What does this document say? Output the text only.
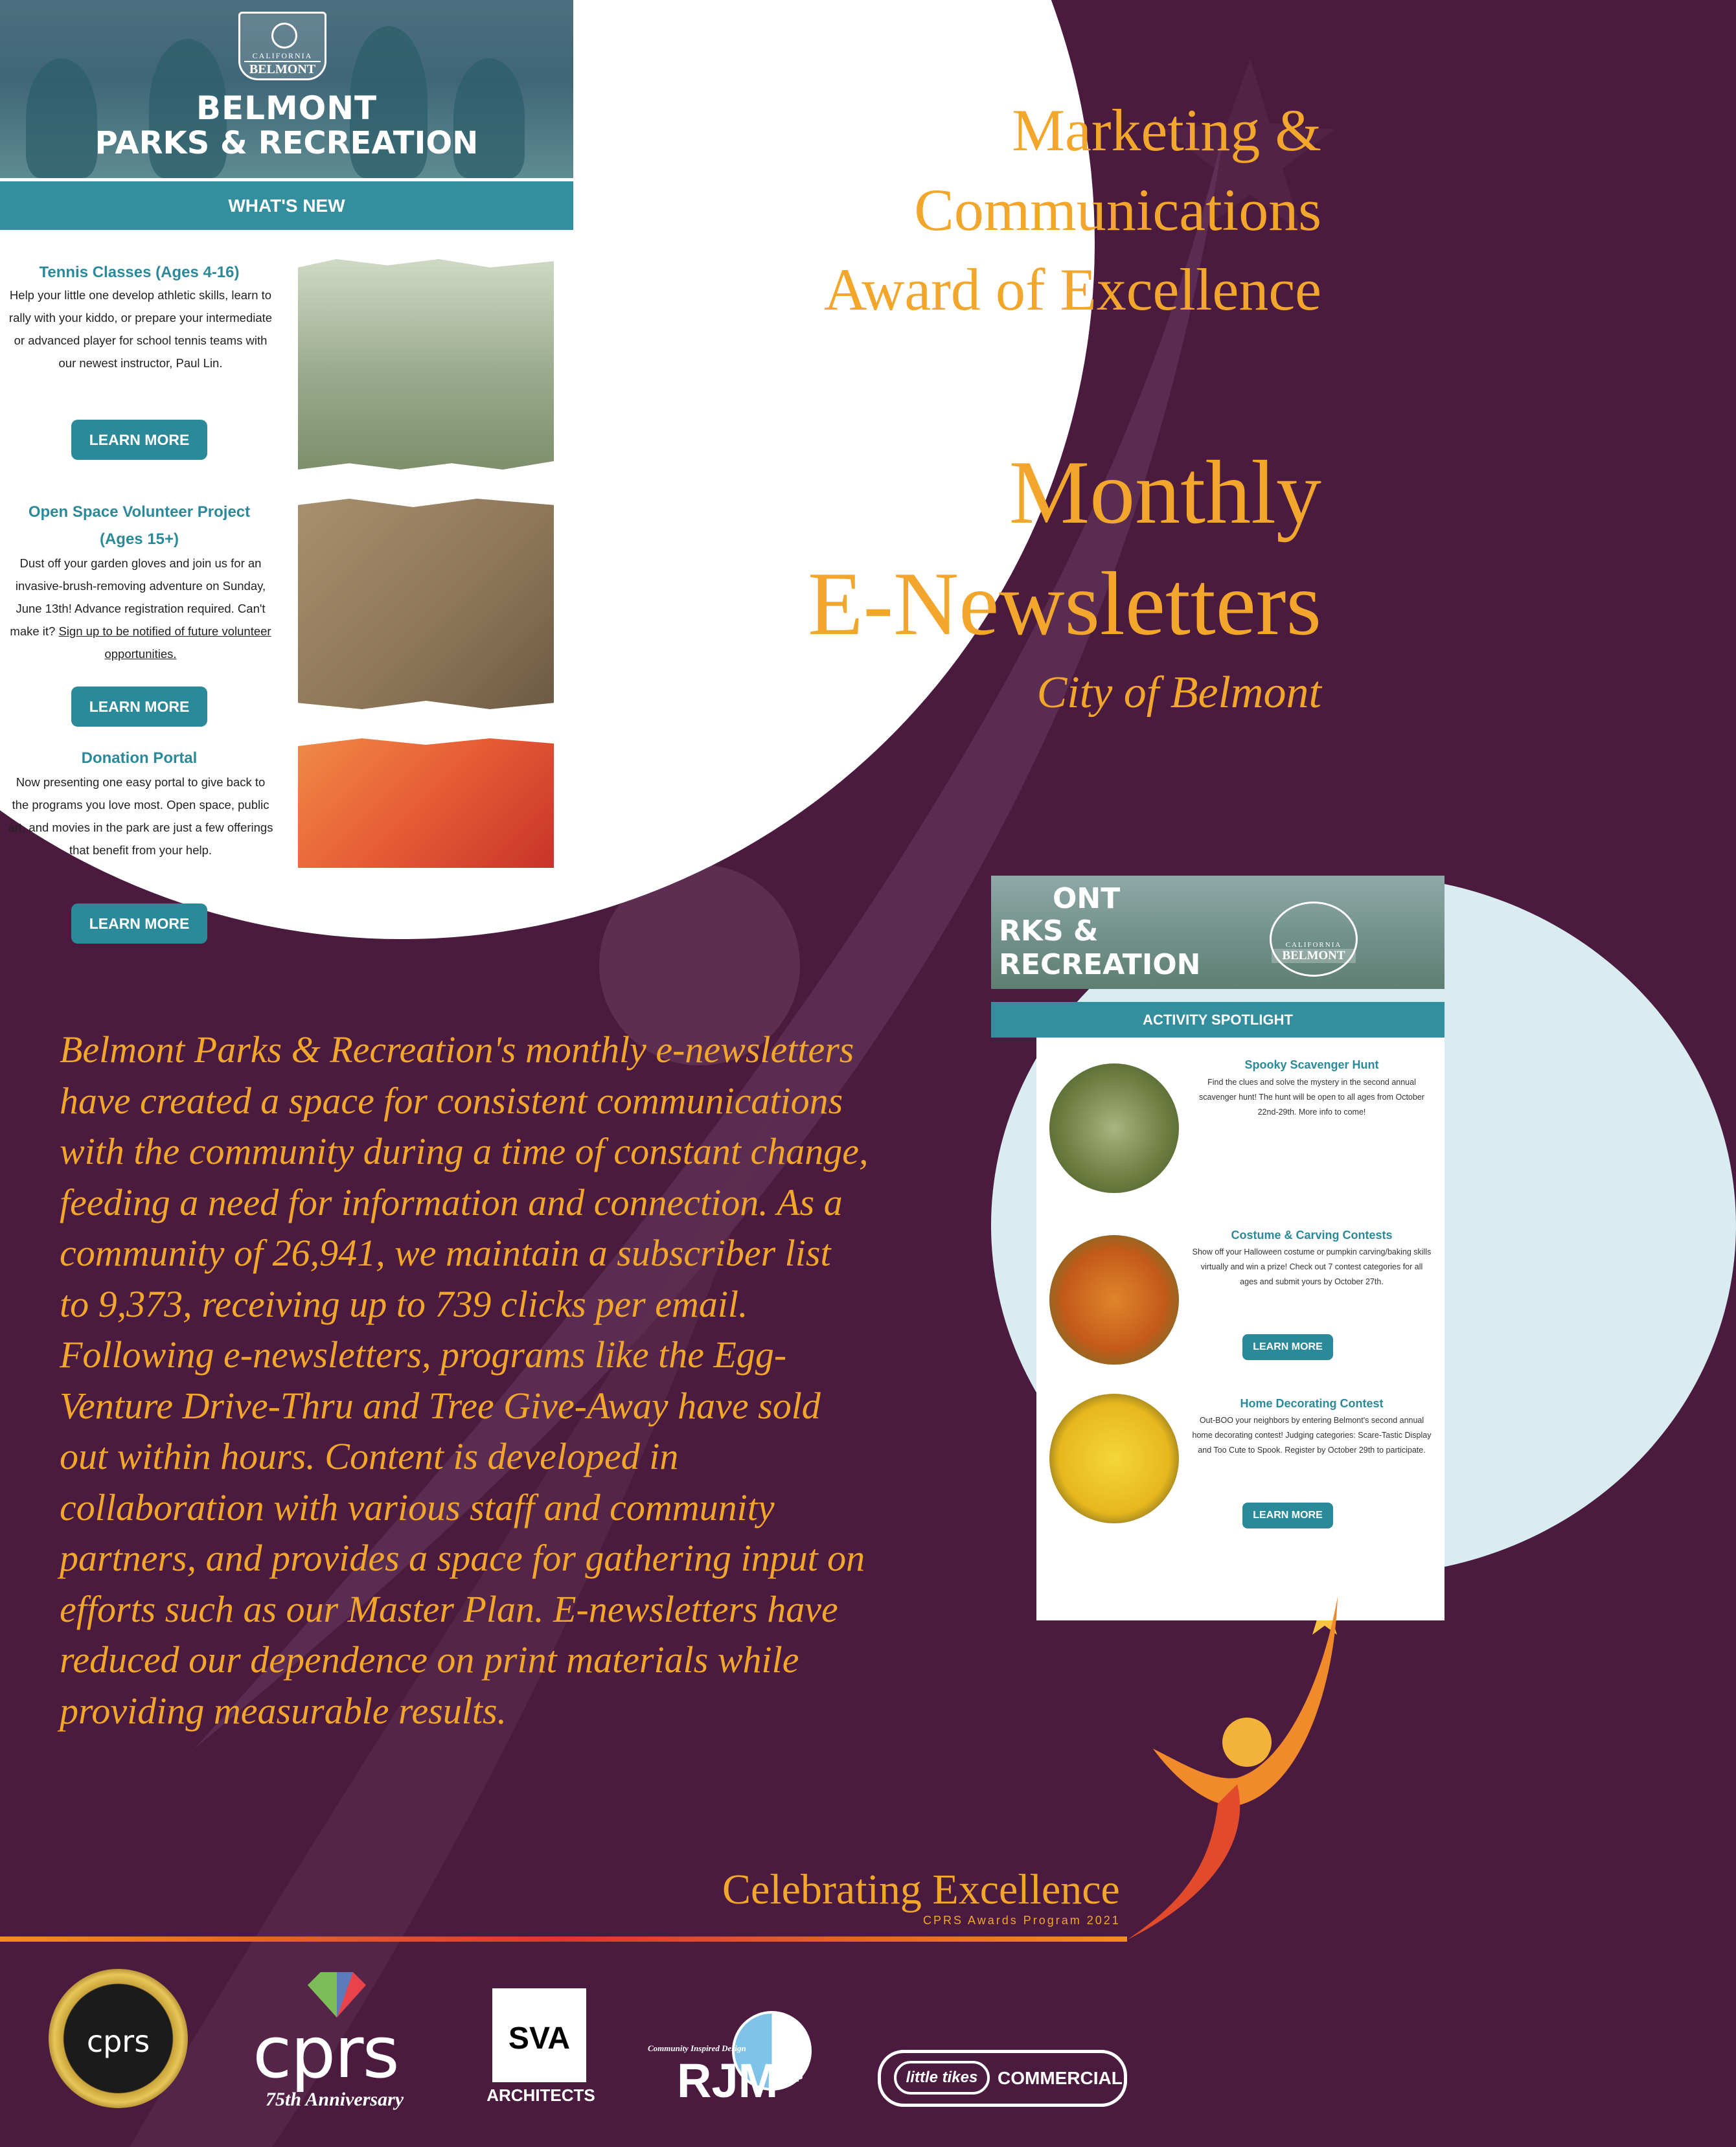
CALIFORNIA
BELMONT
BELMONT
PARKS & RECREATION
WHAT'S NEW
Tennis Classes (Ages 4-16)
Help your little one develop athletic skills, learn to rally with your kiddo, or prepare your intermediate or advanced player for school tennis teams with our newest instructor, Paul Lin.
LEARN MORE
Open Space Volunteer Project
(Ages 15+)
Dust off your garden gloves and join us for an invasive-brush-removing adventure on Sunday, June 13th! Advance registration required. Can't make it? Sign up to be notified of future volunteer opportunities.
LEARN MORE
Donation Portal
Now presenting one easy portal to give back to the programs you love most. Open space, public art, and movies in the park are just a few offerings that benefit from your help.
LEARN MORE
Marketing &
Communications
Award of Excellence
Monthly
E-Newsletters
City of Belmont
Belmont Parks & Recreation's monthly e-newsletters have created a space for consistent communications with the community during a time of constant change, feeding a need for information and connection. As a community of 26,941, we maintain a subscriber list to 9,373, receiving up to 739 clicks per email. Following e-newsletters, programs like the Egg-Venture Drive-Thru and Tree Give-Away have sold out within hours. Content is developed in collaboration with various staff and community partners, and provides a space for gathering input on efforts such as our Master Plan. E-newsletters have reduced our dependence on print materials while providing measurable results.
ONT
RKS &
RECREATION
CALIFORNIA
BELMONT
ACTIVITY SPOTLIGHT
Spooky Scavenger Hunt
Find the clues and solve the mystery in the second annual scavenger hunt! The hunt will be open to all ages from October 22nd-29th. More info to come!
Costume & Carving Contests
Show off your Halloween costume or pumpkin carving/baking skills virtually and win a prize! Check out 7 contest categories for all ages and submit yours by October 27th.
LEARN MORE
Home Decorating Contest
Out-BOO your neighbors by entering Belmont's second annual home decorating contest! Judging categories: Scare-Tastic Display and Too Cute to Spook. Register by October 29th to participate.
LEARN MORE
Celebrating Excellence
CPRS Awards Program 2021
cprs	cprs
75th Anniversary
SVA
ARCHITECTS
Community Inspired Design
RJM
DESIGN GROUP	little tikes	COMMERCIAL
